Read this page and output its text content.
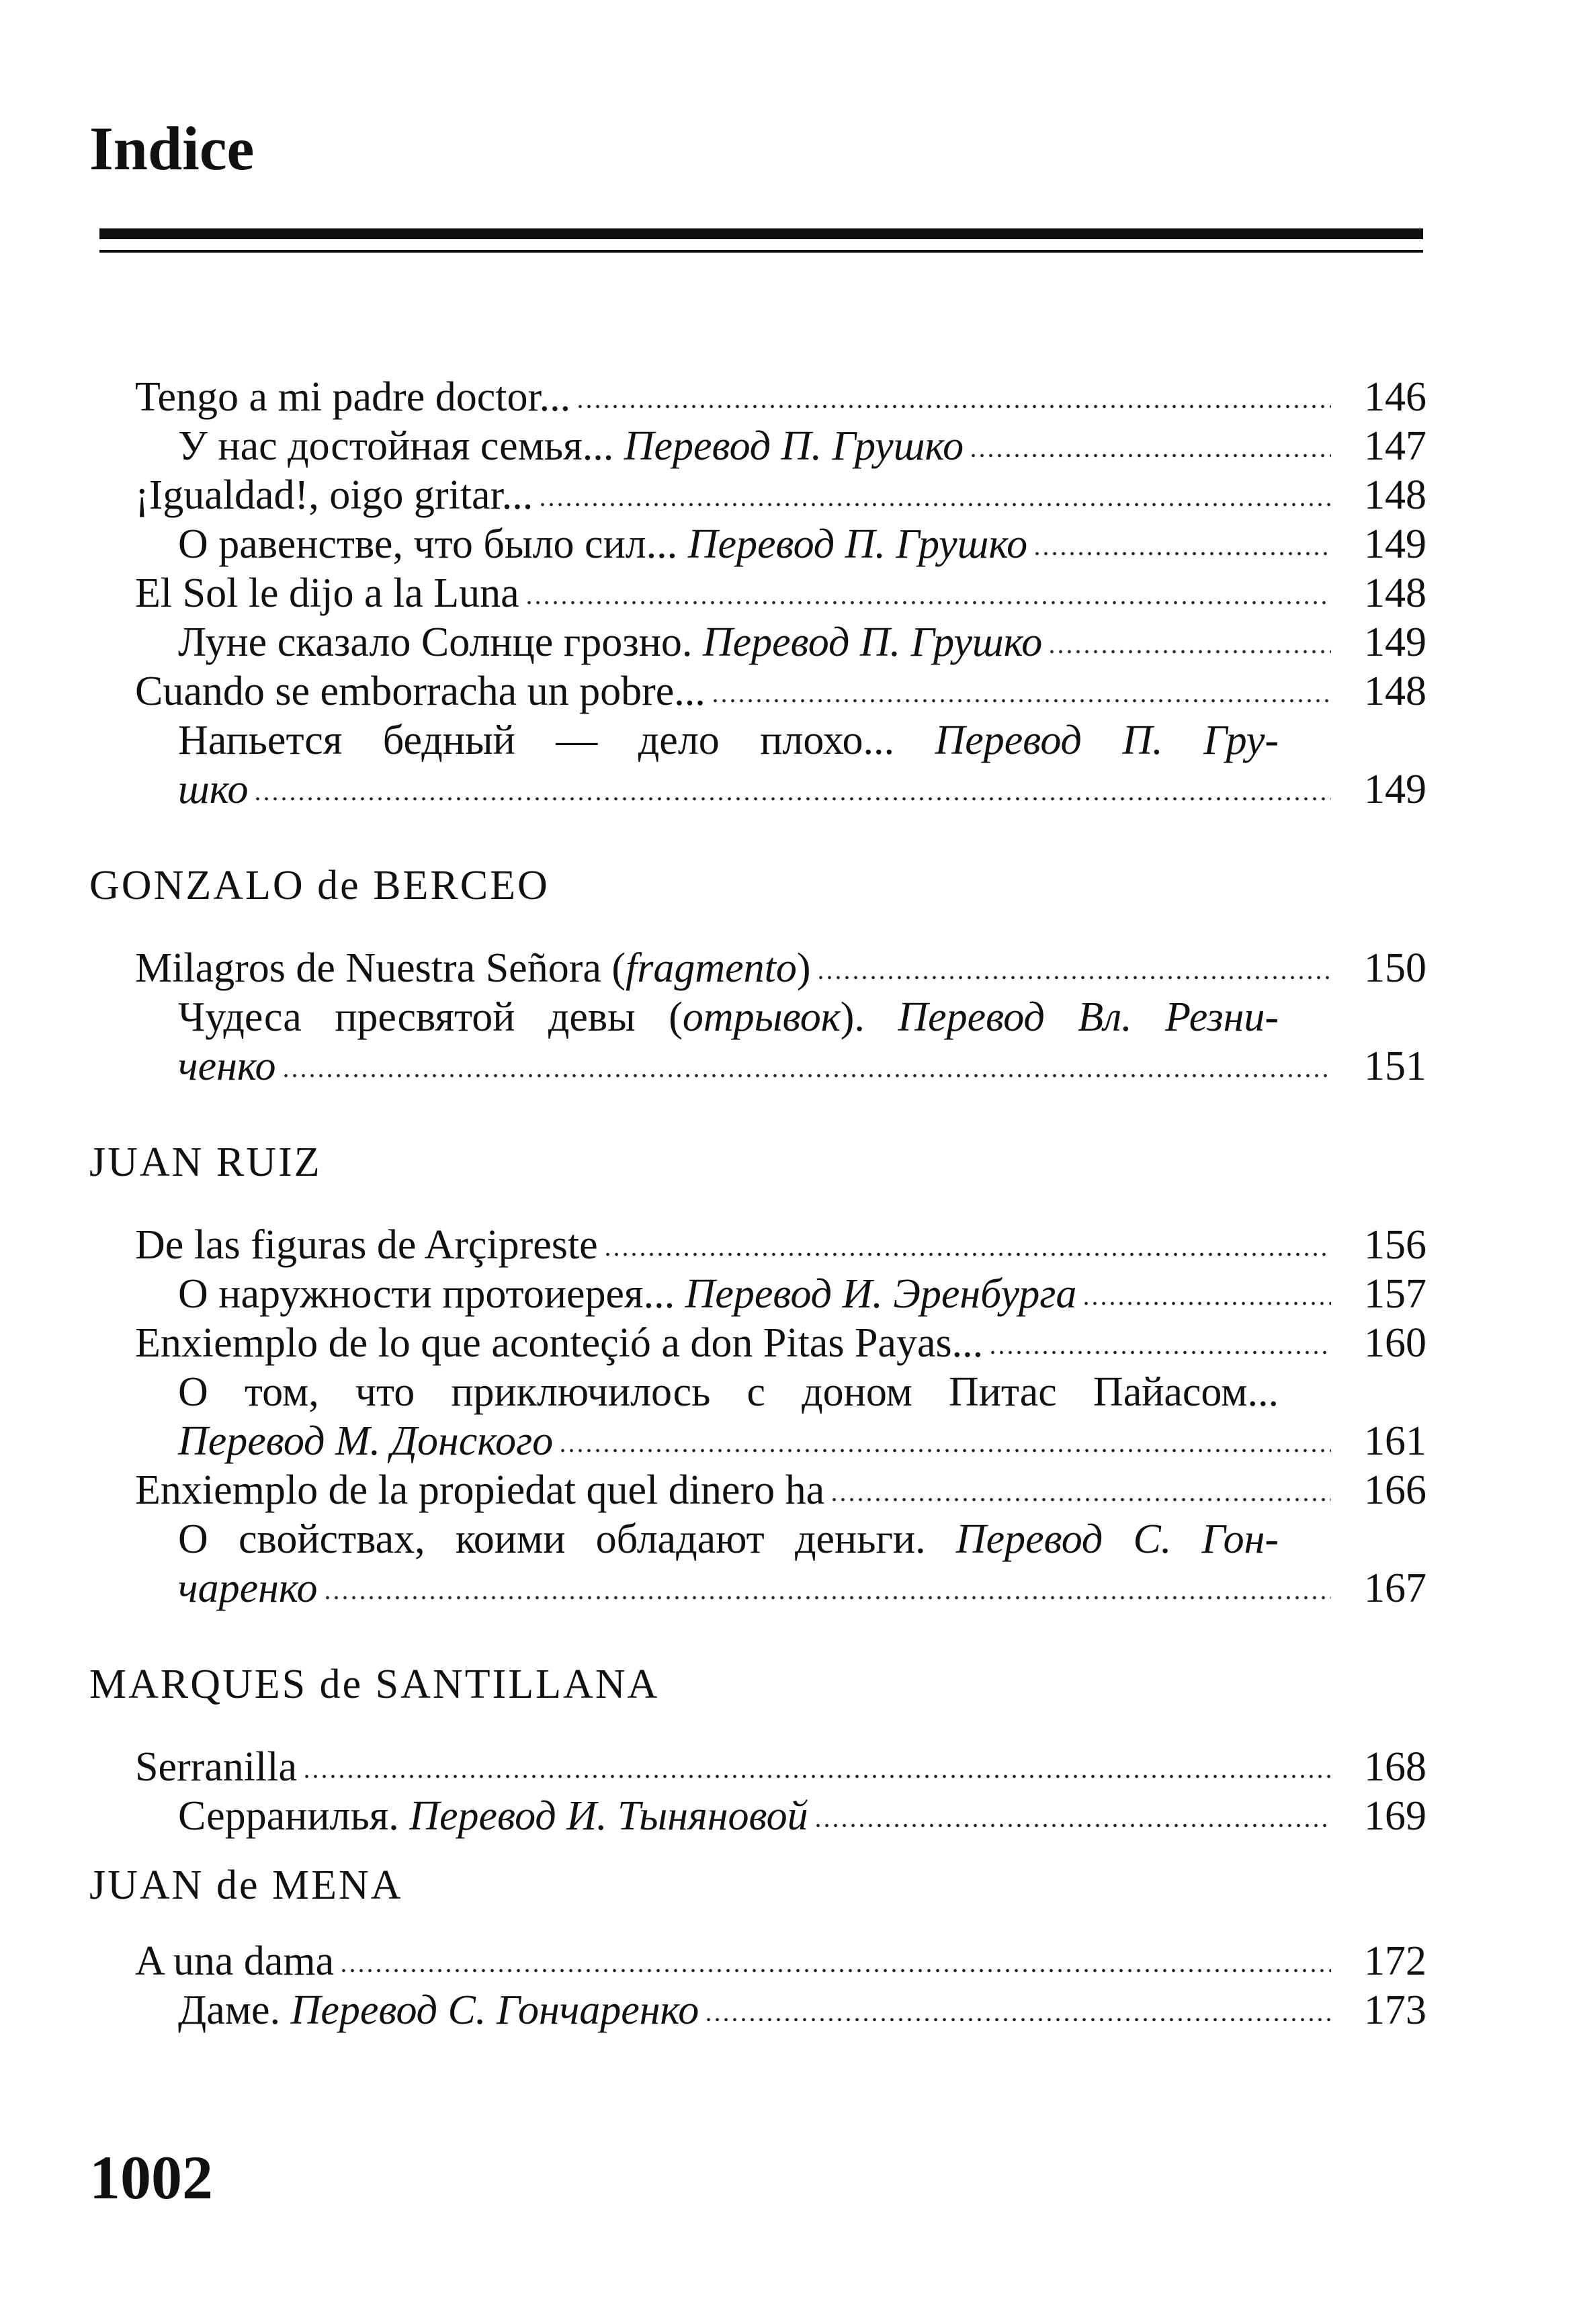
Indice
Tengo a mi padre doctor...	146
У нас достойная семья... Перевод П. Грушко	147
¡Igualdad!, oigo gritar...	148
О равенстве, что было сил... Перевод П. Грушко	149
El Sol le dijo a la Luna	148
Луне сказало Солнце грозно. Перевод П. Грушко	149
Cuando se emborracha un pobre...	148
Напьется бедный — дело плохо... Перевод П. Гру-
шко	149
GONZALO de BERCEO
Milagros de Nuestra Señora (fragmento)	150
Чудеса пресвятой девы (отрывок). Перевод Вл. Резни-
ченко	151
JUAN RUIZ
De las figuras de Arçipreste	156
О наружности протоиерея... Перевод И. Эренбурга	157
Enxiemplo de lo que aconteçió a don Pitas Payas...	160
О том, что приключилось с доном Питас Пайасом...
Перевод М. Донского	161
Enxiemplo de la propiedat quel dinero ha	166
О свойствах, коими обладают деньги. Перевод С. Гон-
чаренко	167
MARQUES de SANTILLANA
Serranilla	168
Серранилья. Перевод И. Тыняновой	169
JUAN de MENA
A una dama	172
Даме. Перевод С. Гончаренко	173
1002
